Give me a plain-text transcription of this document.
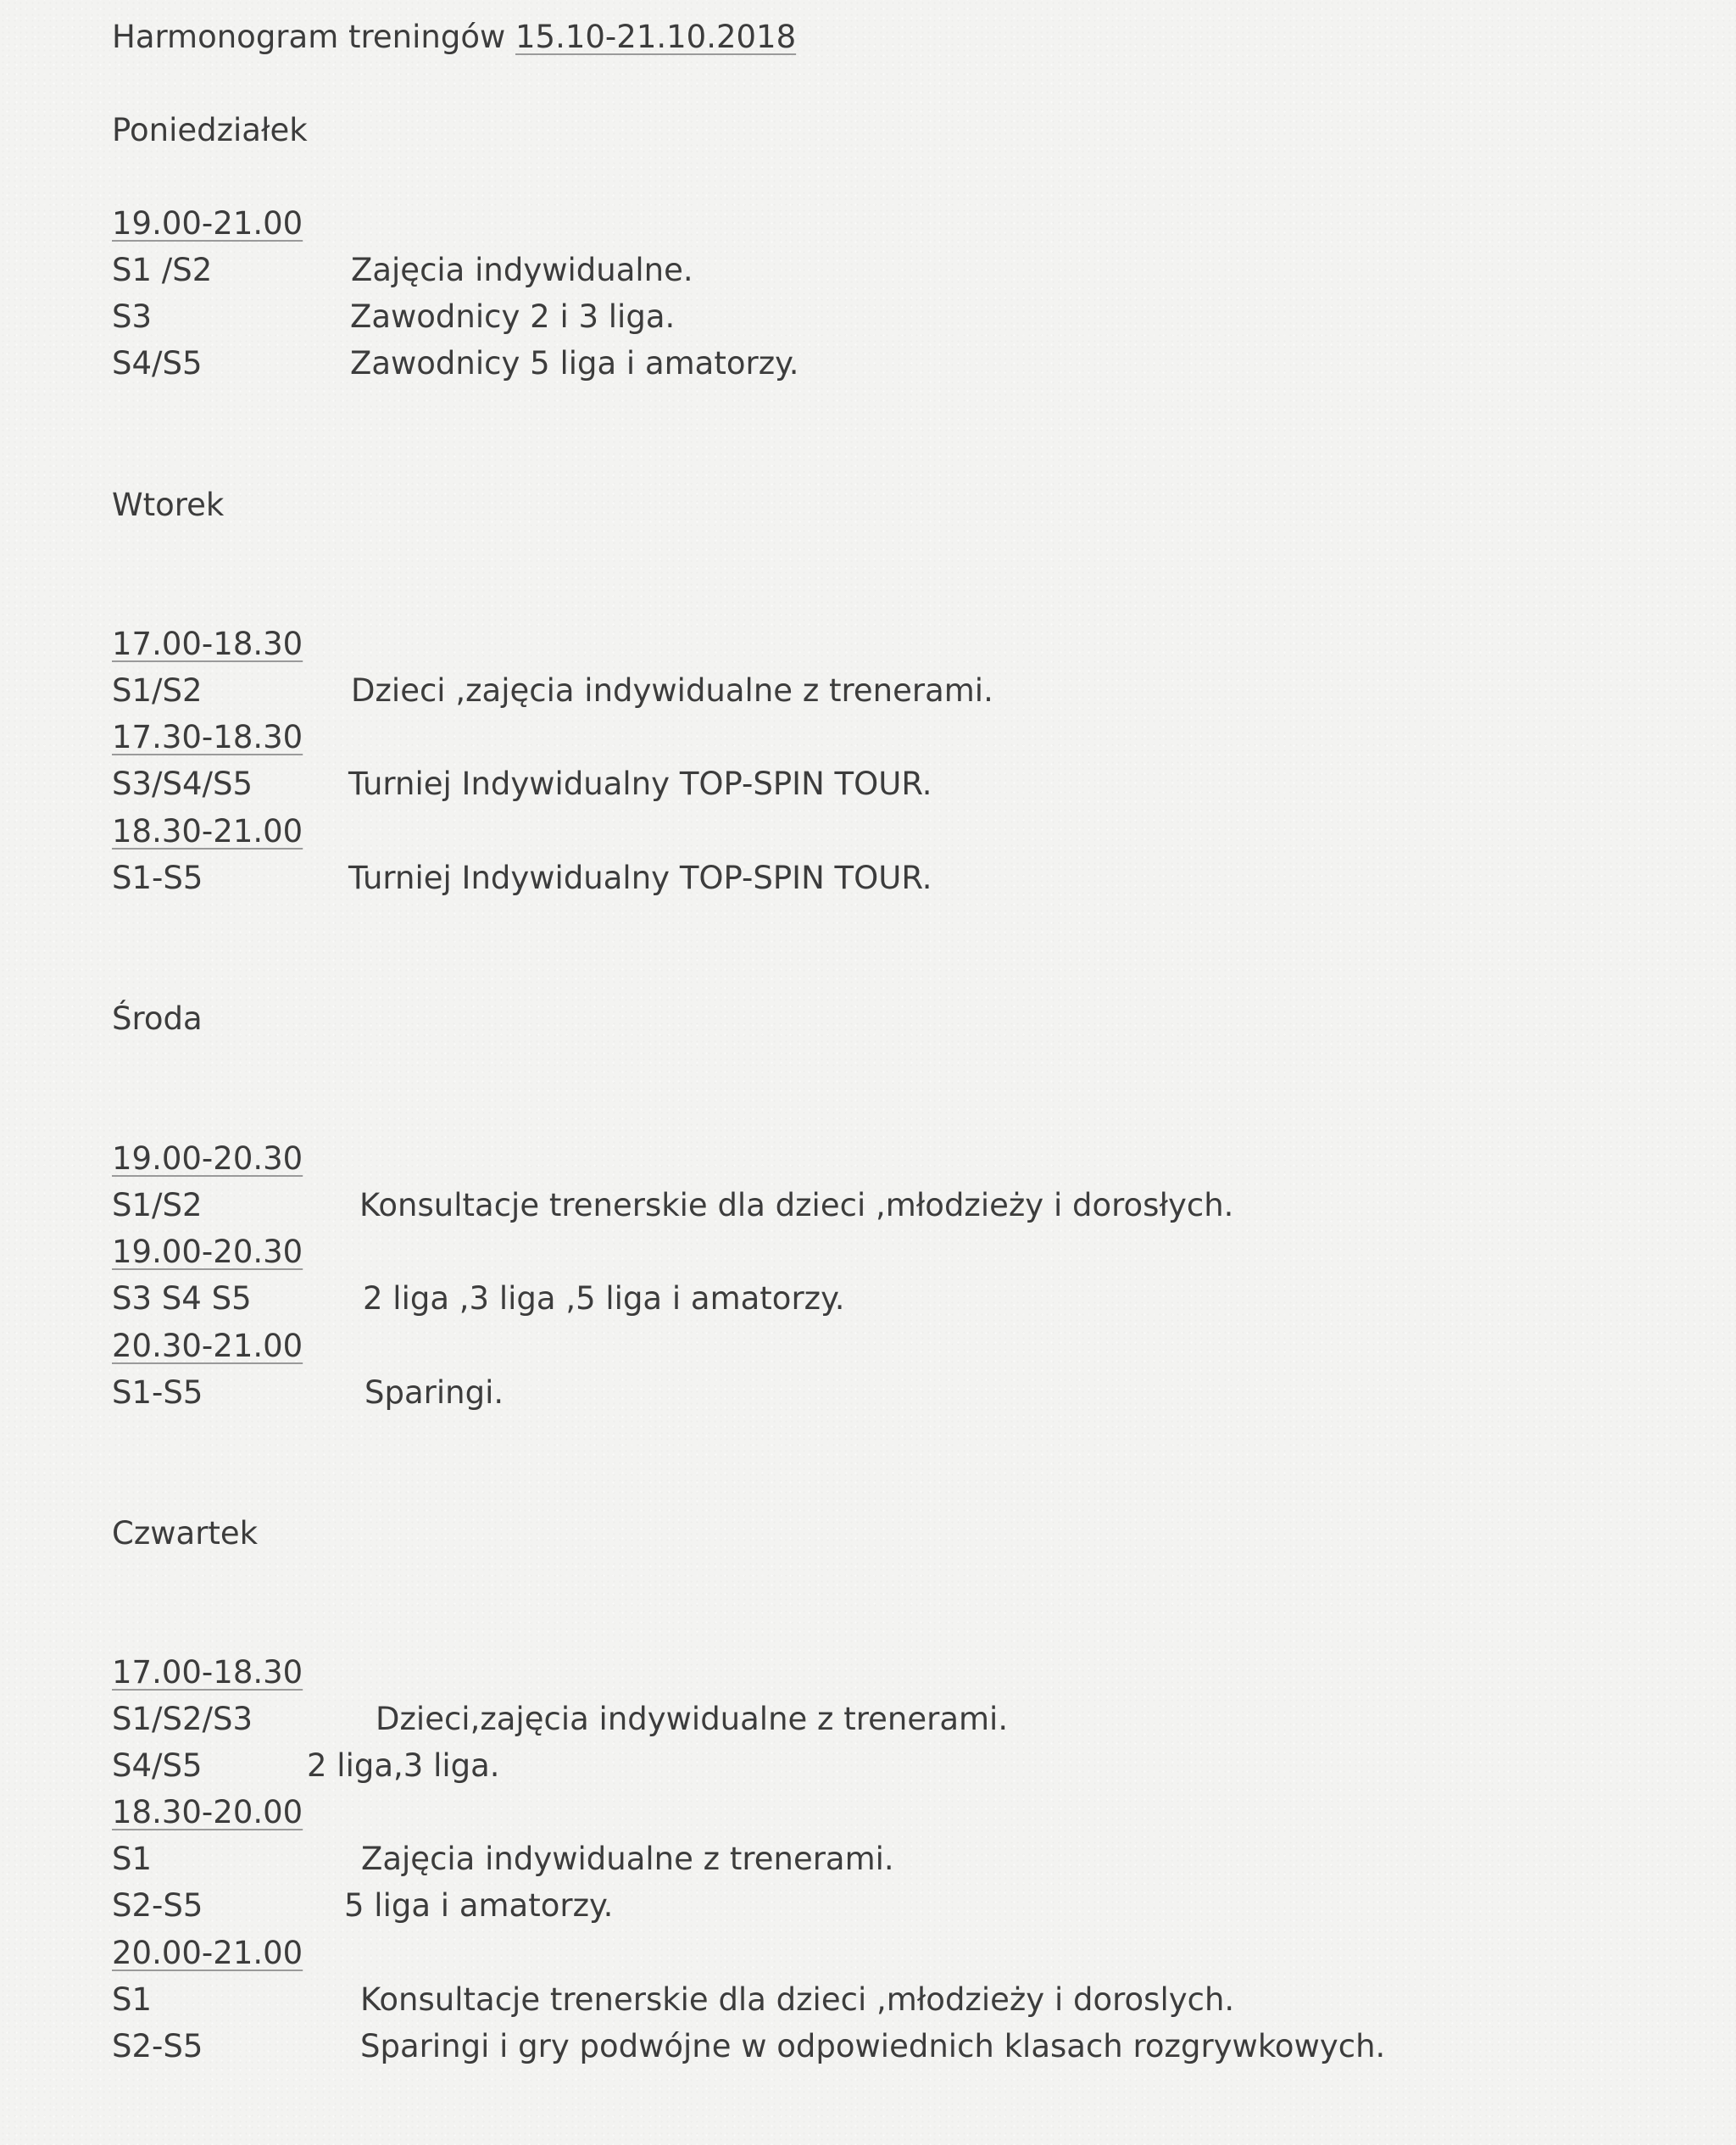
Harmonogram treningów 15.10-21.10.2018
Poniedziałek
19.00-21.00
S1 /S2	Zajęcia indywidualne.
S3	Zawodnicy 2 i 3 liga.
S4/S5	Zawodnicy 5 liga i amatorzy.
Wtorek
17.00-18.30
S1/S2	Dzieci ,zajęcia indywidualne z trenerami.
17.30-18.30
S3/S4/S5	Turniej Indywidualny TOP-SPIN TOUR.
18.30-21.00
S1-S5	Turniej Indywidualny TOP-SPIN TOUR.
Środa
19.00-20.30
S1/S2	Konsultacje trenerskie dla dzieci ,młodzieży i dorosłych.
19.00-20.30
S3 S4 S5	2 liga ,3 liga ,5 liga i amatorzy.
20.30-21.00
S1-S5	Sparingi.
Czwartek
17.00-18.30
S1/S2/S3	Dzieci,zajęcia indywidualne z trenerami.
S4/S5	2 liga,3 liga.
18.30-20.00
S1	Zajęcia indywidualne z trenerami.
S2-S5	5 liga i amatorzy.
20.00-21.00
S1	Konsultacje trenerskie dla dzieci ,młodzieży i doroslych.
S2-S5	Sparingi i gry podwójne w odpowiednich klasach rozgrywkowych.
